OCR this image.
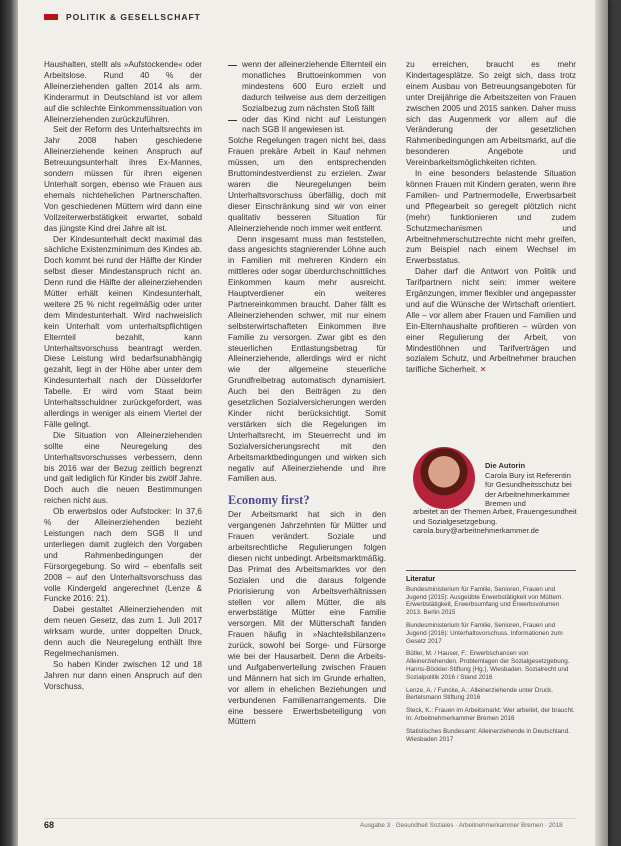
POLITIK & GESELLSCHAFT

Haushalten, stellt als »Aufstockende« oder Arbeitslose. Rund 40 % der Alleinerziehenden galten 2014 als arm. Kinderarmut in Deutschland ist vor allem auf die schlechte Einkommenssituation von Alleinerziehenden zurückzuführen.

Seit der Reform des Unterhaltsrechts im Jahr 2008 haben geschiedene Alleinerziehende keinen Anspruch auf Betreuungsunterhalt ihres Ex-Mannes, sondern müssen für ihren eigenen Unterhalt sorgen, ebenso wie Frauen aus ehemals nichtehelichen Partnerschaften. Von geschiedenen Müttern wird dann eine Vollzeiterwerbstätigkeit erwartet, sobald das jüngste Kind drei Jahre alt ist.

Der Kindesunterhalt deckt maximal das sächliche Existenzminimum des Kindes ab. Doch kommt bei rund der Hälfte der Kinder selbst dieser Mindestanspruch nicht an. Denn rund die Hälfte der alleinerziehenden Mütter erhält keinen Kindesunterhalt, weitere 25 % nicht regelmäßig oder unter dem Mindestunterhalt. Wird nachweislich kein Unterhalt vom unterhaltspflichtigen Elternteil bezahlt, kann Unterhaltsvorschuss beantragt werden. Diese Leistung wird bedarfsunabhängig gezahlt, liegt in der Höhe aber unter dem Kindesunterhalt nach der Düsseldorfer Tabelle. Er wird vom Staat beim Unterhaltsschuldner zurückgefordert, was allerdings in weniger als einem Viertel der Fälle gelingt.

Die Situation von Alleinerziehenden sollte eine Neuregelung des Unterhaltsvorschusses verbessern, denn bis 2016 war der Bezug zeitlich begrenzt und galt lediglich für Kinder bis zwölf Jahre. Doch auch die neuen Bestimmungen reichen nicht aus.

Ob erwerbslos oder Aufstocker: In 37,6 % der Alleinerziehenden bezieht Leistungen nach dem SGB II und unterliegen damit zugleich den Vorgaben und Rahmenbedingungen der Fürsorgegebung. So wird – ebenfalls seit 2008 – auf den Unterhaltsvorschuss das volle Kindergeld angerechnet (Lenze & Funcke 2016: 21).

Dabei gestaltet Alleinerziehenden mit dem neuen Gesetz, das zum 1. Juli 2017 wirksam wurde, unter doppelten Druck, denn auch die Neuregelung enthält Ihre Regelmechanismen.

So haben Kinder zwischen 12 und 18 Jahren nur dann einen Anspruch auf den Vorschuss,

wenn der alleinerziehende Elternteil ein monatliches Bruttoeinkommen von mindestens 600 Euro erzielt und dadurch teilweise aus dem derzeitigen Sozialbezug zum nächsten Stoß fällt
oder das Kind nicht auf Leistungen nach SGB II angewiesen ist.

Solche Regelungen tragen nicht bei, dass Frauen prekäre Arbeit in Kauf nehmen müssen, um den entsprechenden Bruttomindestverdienst zu erzielen. Zwar waren die Neuregelungen beim Unterhaltsvorschuss überfällig, doch mit dieser Einschränkung sind wir von einer qualitativ besseren Situation für Alleinerziehende noch immer weit entfernt.

Denn insgesamt muss man feststellen, dass angesichts stagnierender Löhne auch in Familien mit mehreren Kindern ein mittleres oder sogar überdurchschnittliches Einkommen kaum mehr ausreicht. Hauptverdiener ein weiteres Partnereinkommen braucht. Daher fällt es Alleinerziehenden schwer, mit nur einem selbsterwirtschafteten Einkommen ihre Familie zu versorgen. Zwar gibt es den steuerlichen Entlastungsbetrag für Alleinerziehende, allerdings wird er nicht wie der allgemeine steuerliche Grundfreibetrag automatisch dynamisiert. Auch bei den Beiträgen zu den gesetzlichen Sozialversicherungen werden Kinder nicht berücksichtigt. Somit verstärken sich die Regelungen im Unterhaltsrecht, im Steuerrecht und im Sozialversicherungsrecht mit den Arbeitsmarktbedingungen und wirken sich negativ auf Alleinerziehende und ihre Familien aus.

Economy first?

Der Arbeitsmarkt hat sich in den vergangenen Jahrzehnten für Mütter und Frauen verändert. Soziale und arbeitsrechtliche Regulierungen folgen diesen nicht unbedingt. Arbeitsmarktmäßig. Das Primat des Arbeitsmarktes vor den Sozialen und die daraus folgende Priorisierung von Arbeitsverhältnissen stellen vor allem Mütter, die als erwerbstätige Mütter eine Familie versorgen. Mit der Mütterschaft fanden Frauen häufig in »Nachteilsbilanzen« zurück, sowohl bei Sorge- und Fürsorge wie bei der Hausarbeit. Denn die Arbeits- und Aufgabenverteilung zwischen Frauen und Männern hat sich im Grunde erhalten, vor allem in ehelichen Beziehungen und verbundenen Familienarrangements. Die eine bessere Erwerbsbeteiligung von Müttern

zu erreichen, braucht es mehr Kindertagesplätze. So zeigt sich, dass trotz einem Ausbau von Betreuungsangeboten für unter Dreijährige die Arbeitszeiten von Frauen zwischen 2005 und 2015 sanken. Daher muss sich das Augenmerk vor allem auf die Veränderung der gesetzlichen Rahmenbedingungen am Arbeitsmarkt, auf die besonderen Angebote und Vereinbarkeitsmöglichkeiten richten.

In eine besonders belastende Situation können Frauen mit Kindern geraten, wenn ihre Familien- und Partnermodelle, Erwerbsarbeit und Pflegearbeit so geregelt plötzlich nicht (mehr) funktionieren und zudem Schutzmechanismen und Arbeitnehmerschutzrechte nicht mehr greifen, zum Beispiel nach einem Wechsel im Erwerbsstatus.

Daher darf die Antwort von Politik und Tarifpartnern nicht sein: immer weitere Ergänzungen, immer flexibler und angepasster und auf die Wünsche der Wirtschaft orientiert. Alle – vor allem aber Frauen und Familien und Ein-Elternhaushalte profitieren – würden von einer Regulierung der Arbeit, von Mindestlöhnen und Tarifverträgen und sozialem Schutz, und Arbeitnehmer brauchen tarifliche Sicherheit. ✕

Die Autorin
Carola Bury ist Referentin für Gesundheitsschutz bei der Arbeitnehmerkammer Bremen und
arbeitet an der Themen Arbeit, Frauengesundheit und Sozialgesetzgebung.
carola.bury@arbeitnehmerkammer.de
Literatur
Bundesministerium für Familie, Senioren, Frauen und Jugend (2015): Ausgeübte Erwerbstätigkeit von Müttern. Erwerbstätigkeit, Erwerbsumfang und Erwerbsvolumen 2013. Berlin 2015
Bundesministerium für Familie, Senioren, Frauen und Jugend (2016): Unterhaltsvorschuss. Informationen zum Gesetz 2017
Bütler, M. / Hauser, F.: Erwerbschancen von Alleinerziehenden. Problemlagen der Sozialgesetzgebung. Hanns-Böckler-Stiftung (Hg.), Wiesbaden. Sozialrecht und Sozialpolitik 2016 / Stand 2016
Lenze, A. / Funcke, A.: Alleinerziehende unter Druck. Bertelsmann Stiftung 2016
Steck, K.: Frauen im Arbeitsmarkt: Wer arbeitet, der braucht. In: Arbeitnehmerkammer Bremen 2016
Statistisches Bundesamt: Alleinerziehende in Deutschland. Wiesbaden 2017
68	Ausgabe 3 · Gesundheit Soziales · Arbeitnehmerkammer Bremen · 2018
